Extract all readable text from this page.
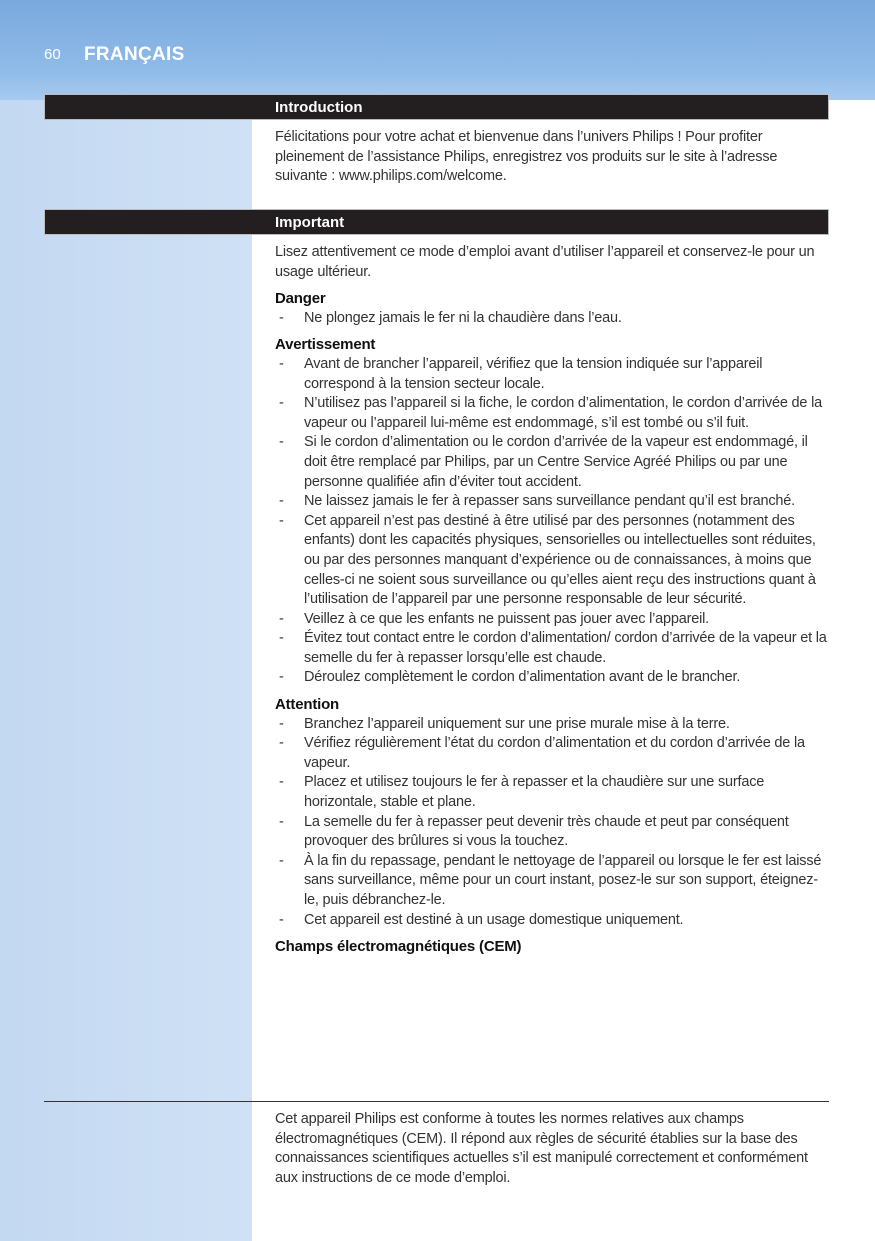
60 FRANÇAIS
Introduction

Félicitations pour votre achat et bienvenue dans l’univers Philips ! Pour profiter pleinement de l’assistance Philips, enregistrez vos produits sur le site à l’adresse suivante : www.philips.com/welcome.

Important

Lisez attentivement ce mode d’emploi avant d’utiliser l’appareil et conservez-le pour un usage ultérieur.

Danger

- Ne plongez jamais le fer ni la chaudière dans l’eau.

Avertissement

- Avant de brancher l’appareil, vérifiez que la tension indiquée sur l’appareil correspond à la tension secteur locale.
- N’utilisez pas l’appareil si la fiche, le cordon d’alimentation, le cordon d’arrivée de la vapeur ou l’appareil lui-même est endommagé, s’il est tombé ou s’il fuit.
- Si le cordon d’alimentation ou le cordon d’arrivée de la vapeur est endommagé, il doit être remplacé par Philips, par un Centre Service Agréé Philips ou par une personne qualifiée afin d’éviter tout accident.
- Ne laissez jamais le fer à repasser sans surveillance pendant qu’il est branché.
- Cet appareil n’est pas destiné à être utilisé par des personnes (notamment des enfants) dont les capacités physiques, sensorielles ou intellectuelles sont réduites, ou par des personnes manquant d’expérience ou de connaissances, à moins que celles-ci ne soient sous surveillance ou qu’elles aient reçu des instructions quant à l’utilisation de l’appareil par une personne responsable de leur sécurité.
- Veillez à ce que les enfants ne puissent pas jouer avec l’appareil.
- Évitez tout contact entre le cordon d’alimentation/ cordon d’arrivée de la vapeur et la semelle du fer à repasser lorsqu’elle est chaude.
- Déroulez complètement le cordon d’alimentation avant de le brancher.

Attention

- Branchez l’appareil uniquement sur une prise murale mise à la terre.
- Vérifiez régulièrement l’état du cordon d’alimentation et du cordon d’arrivée de la vapeur.
- Placez et utilisez toujours le fer à repasser et la chaudière sur une surface horizontale, stable et plane.
- La semelle du fer à repasser peut devenir très chaude et peut par conséquent provoquer des brûlures si vous la touchez.
- À la fin du repassage, pendant le nettoyage de l’appareil ou lorsque le fer est laissé sans surveillance, même pour un court instant, posez-le sur son support, éteignez-le, puis débranchez-le.
- Cet appareil est destiné à un usage domestique uniquement.

Champs électromagnétiques (CEM)

Cet appareil Philips est conforme à toutes les normes relatives aux champs électromagnétiques (CEM). Il répond aux règles de sécurité établies sur la base des connaissances scientifiques actuelles s’il est manipulé correctement et conformément aux instructions de ce mode d’emploi.
